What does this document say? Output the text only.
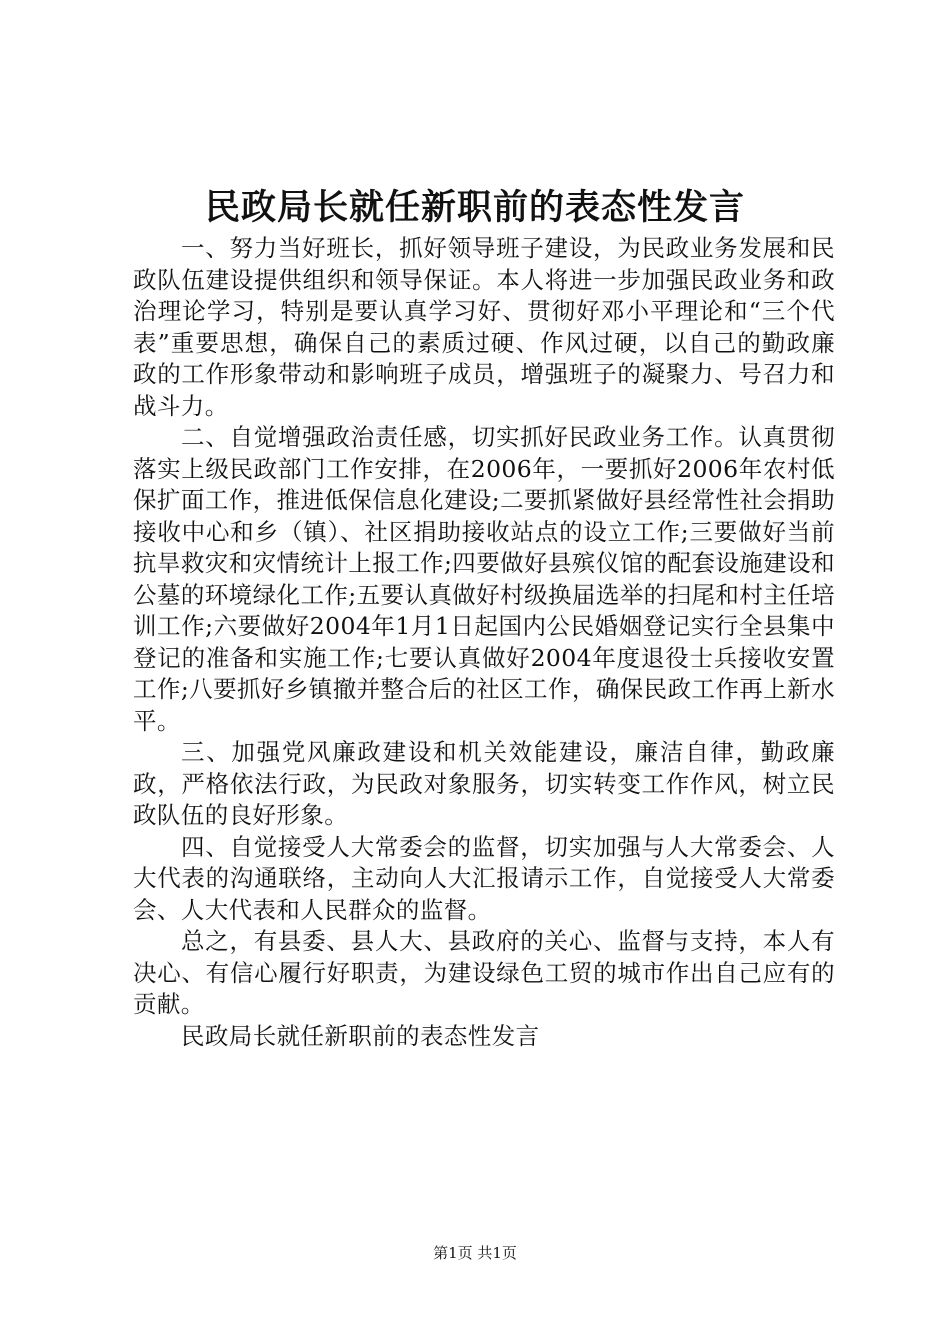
民政局长就任新职前的表态性发言

一、努力当好班长，抓好领导班子建设，为民政业务发展和民政队伍建设提供组织和领导保证。本人将进一步加强民政业务和政治理论学习，特别是要认真学习好、贯彻好邓小平理论和“三个代表”重要思想，确保自己的素质过硬、作风过硬，以自己的勤政廉政的工作形象带动和影响班子成员，增强班子的凝聚力、号召力和战斗力。

二、自觉增强政治责任感，切实抓好民政业务工作。认真贯彻落实上级民政部门工作安排，在2006年，一要抓好2006年农村低保扩面工作，推进低保信息化建设;二要抓紧做好县经常性社会捐助接收中心和乡（镇）、社区捐助接收站点的设立工作;三要做好当前抗旱救灾和灾情统计上报工作;四要做好县殡仪馆的配套设施建设和公墓的环境绿化工作;五要认真做好村级换届选举的扫尾和村主任培训工作;六要做好2004年1月1日起国内公民婚姻登记实行全县集中登记的准备和实施工作;七要认真做好2004年度退役士兵接收安置工作;八要抓好乡镇撤并整合后的社区工作，确保民政工作再上新水平。

三、加强党风廉政建设和机关效能建设，廉洁自律，勤政廉政，严格依法行政，为民政对象服务，切实转变工作作风，树立民政队伍的良好形象。

四、自觉接受人大常委会的监督，切实加强与人大常委会、人大代表的沟通联络，主动向人大汇报请示工作，自觉接受人大常委会、人大代表和人民群众的监督。

总之，有县委、县人大、县政府的关心、监督与支持，本人有决心、有信心履行好职责，为建设绿色工贸的城市作出自己应有的贡献。

民政局长就任新职前的表态性发言

第1页 共1页
